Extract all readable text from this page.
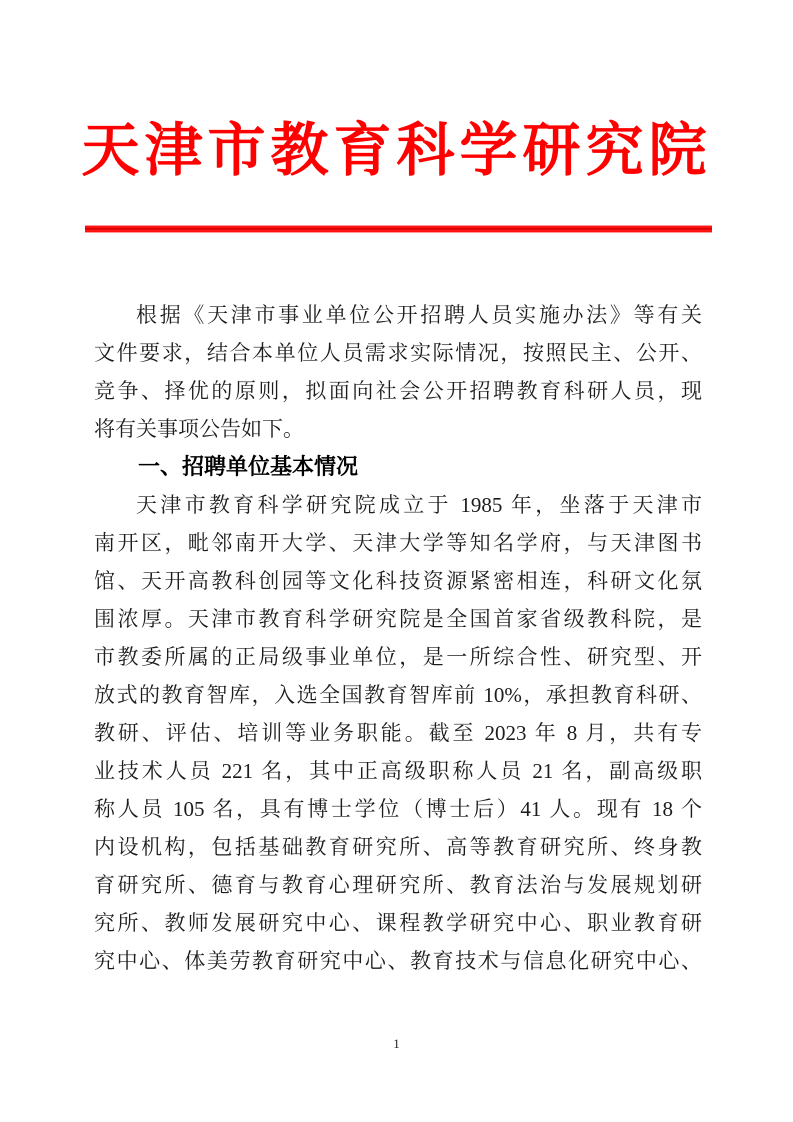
天津市教育科学研究院
根据《天津市事业单位公开招聘人员实施办法》等有关
文件要求，结合本单位人员需求实际情况，按照民主、公开、
竞争、择优的原则，拟面向社会公开招聘教育科研人员，现
将有关事项公告如下。
一、招聘单位基本情况
天津市教育科学研究院成立于 1985 年，坐落于天津市
南开区，毗邻南开大学、天津大学等知名学府，与天津图书
馆、天开高教科创园等文化科技资源紧密相连，科研文化氛
围浓厚。天津市教育科学研究院是全国首家省级教科院，是
市教委所属的正局级事业单位，是一所综合性、研究型、开
放式的教育智库，入选全国教育智库前 10%，承担教育科研、
教研、评估、培训等业务职能。截至 2023 年 8 月，共有专
业技术人员 221 名，其中正高级职称人员 21 名，副高级职
称人员 105 名，具有博士学位（博士后）41 人。现有 18 个
内设机构，包括基础教育研究所、高等教育研究所、终身教
育研究所、德育与教育心理研究所、教育法治与发展规划研
究所、教师发展研究中心、课程教学研究中心、职业教育研
究中心、体美劳教育研究中心、教育技术与信息化研究中心、
1
